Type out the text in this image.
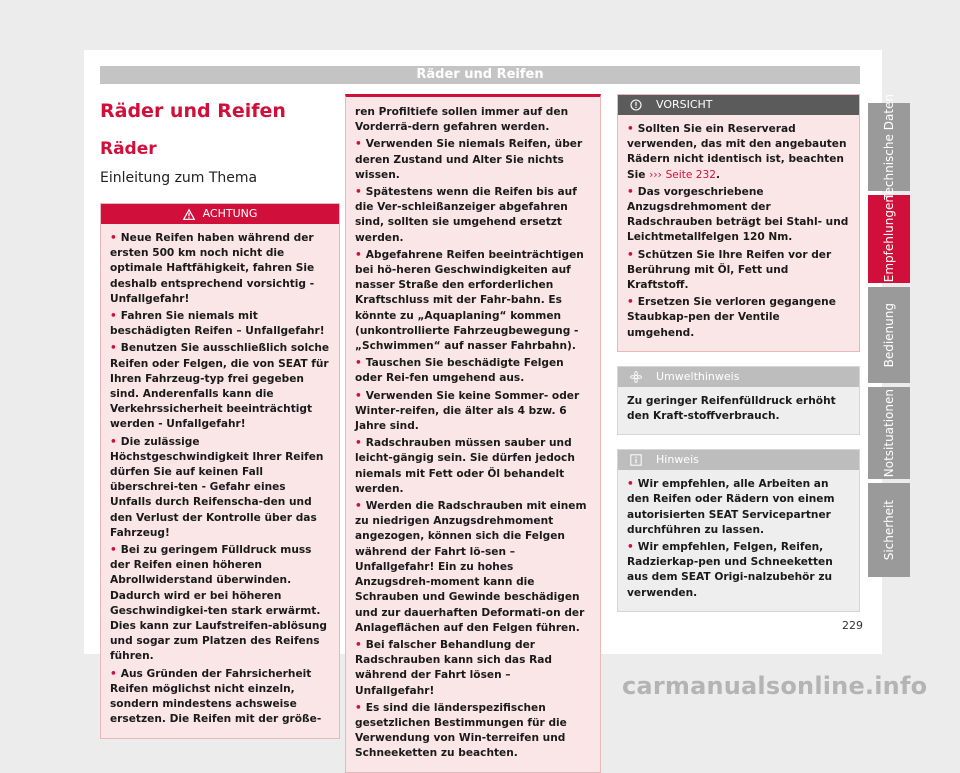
Räder und Reifen
Räder und Reifen
Räder
Einleitung zum Thema
ACHTUNG

• Neue Reifen haben während der ersten 500 km noch nicht die optimale Haftfähigkeit, fahren Sie deshalb entsprechend vorsichtig - Unfallgefahr!

• Fahren Sie niemals mit beschädigten Reifen – Unfallgefahr!

• Benutzen Sie ausschließlich solche Reifen oder Felgen, die von SEAT für Ihren Fahrzeug-typ frei gegeben sind. Anderenfalls kann die Verkehrssicherheit beeinträchtigt werden - Unfallgefahr!

• Die zulässige Höchstgeschwindigkeit Ihrer Reifen dürfen Sie auf keinen Fall überschrei-ten - Gefahr eines Unfalls durch Reifenscha-den und den Verlust der Kontrolle über das Fahrzeug!

• Bei zu geringem Fülldruck muss der Reifen einen höheren Abrollwiderstand überwinden. Dadurch wird er bei höheren Geschwindigkei-ten stark erwärmt. Dies kann zur Laufstreifen-ablösung und sogar zum Platzen des Reifens führen.

• Aus Gründen der Fahrsicherheit Reifen möglichst nicht einzeln, sondern mindestens achsweise ersetzen. Die Reifen mit der größe-

ren Profiltiefe sollen immer auf den Vorderrä-dern gefahren werden.

• Verwenden Sie niemals Reifen, über deren Zustand und Alter Sie nichts wissen.

• Spätestens wenn die Reifen bis auf die Ver-schleißanzeiger abgefahren sind, sollten sie umgehend ersetzt werden.

• Abgefahrene Reifen beeinträchtigen bei hö-heren Geschwindigkeiten auf nasser Straße den erforderlichen Kraftschluss mit der Fahr-bahn. Es könnte zu „Aquaplaning“ kommen (unkontrollierte Fahrzeugbewegung - „Schwimmen“ auf nasser Fahrbahn).

• Tauschen Sie beschädigte Felgen oder Rei-fen umgehend aus.

• Verwenden Sie keine Sommer- oder Winter-reifen, die älter als 4 bzw. 6 Jahre sind.

• Radschrauben müssen sauber und leicht-gängig sein. Sie dürfen jedoch niemals mit Fett oder Öl behandelt werden.

• Werden die Radschrauben mit einem zu niedrigen Anzugsdrehmoment angezogen, können sich die Felgen während der Fahrt lö-sen – Unfallgefahr! Ein zu hohes Anzugsdreh-moment kann die Schrauben und Gewinde beschädigen und zur dauerhaften Deformati-on der Anlageflächen auf den Felgen führen.

• Bei falscher Behandlung der Radschrauben kann sich das Rad während der Fahrt lösen – Unfallgefahr!

• Es sind die länderspezifischen gesetzlichen Bestimmungen für die Verwendung von Win-terreifen und Schneeketten zu beachten.

VORSICHT

• Sollten Sie ein Reserverad verwenden, das mit den angebauten Rädern nicht identisch ist, beachten Sie ››› Seite 232.

• Das vorgeschriebene Anzugsdrehmoment der Radschrauben beträgt bei Stahl- und Leichtmetallfelgen 120 Nm.

• Schützen Sie Ihre Reifen vor der Berührung mit Öl, Fett und Kraftstoff.

• Ersetzen Sie verloren gegangene Staubkap-pen der Ventile umgehend.

Umwelthinweis

Zu geringer Reifenfülldruck erhöht den Kraft-stoffverbrauch.

Hinweis

• Wir empfehlen, alle Arbeiten an den Reifen oder Rädern von einem autorisierten SEAT Servicepartner durchführen zu lassen.

• Wir empfehlen, Felgen, Reifen, Radzierkap-pen und Schneeketten aus dem SEAT Origi-nalzubehör zu verwenden.

Technische Daten
Empfehlungen
Bedienung
Notsituationen
Sicherheit
229
carmanualsonline.info
